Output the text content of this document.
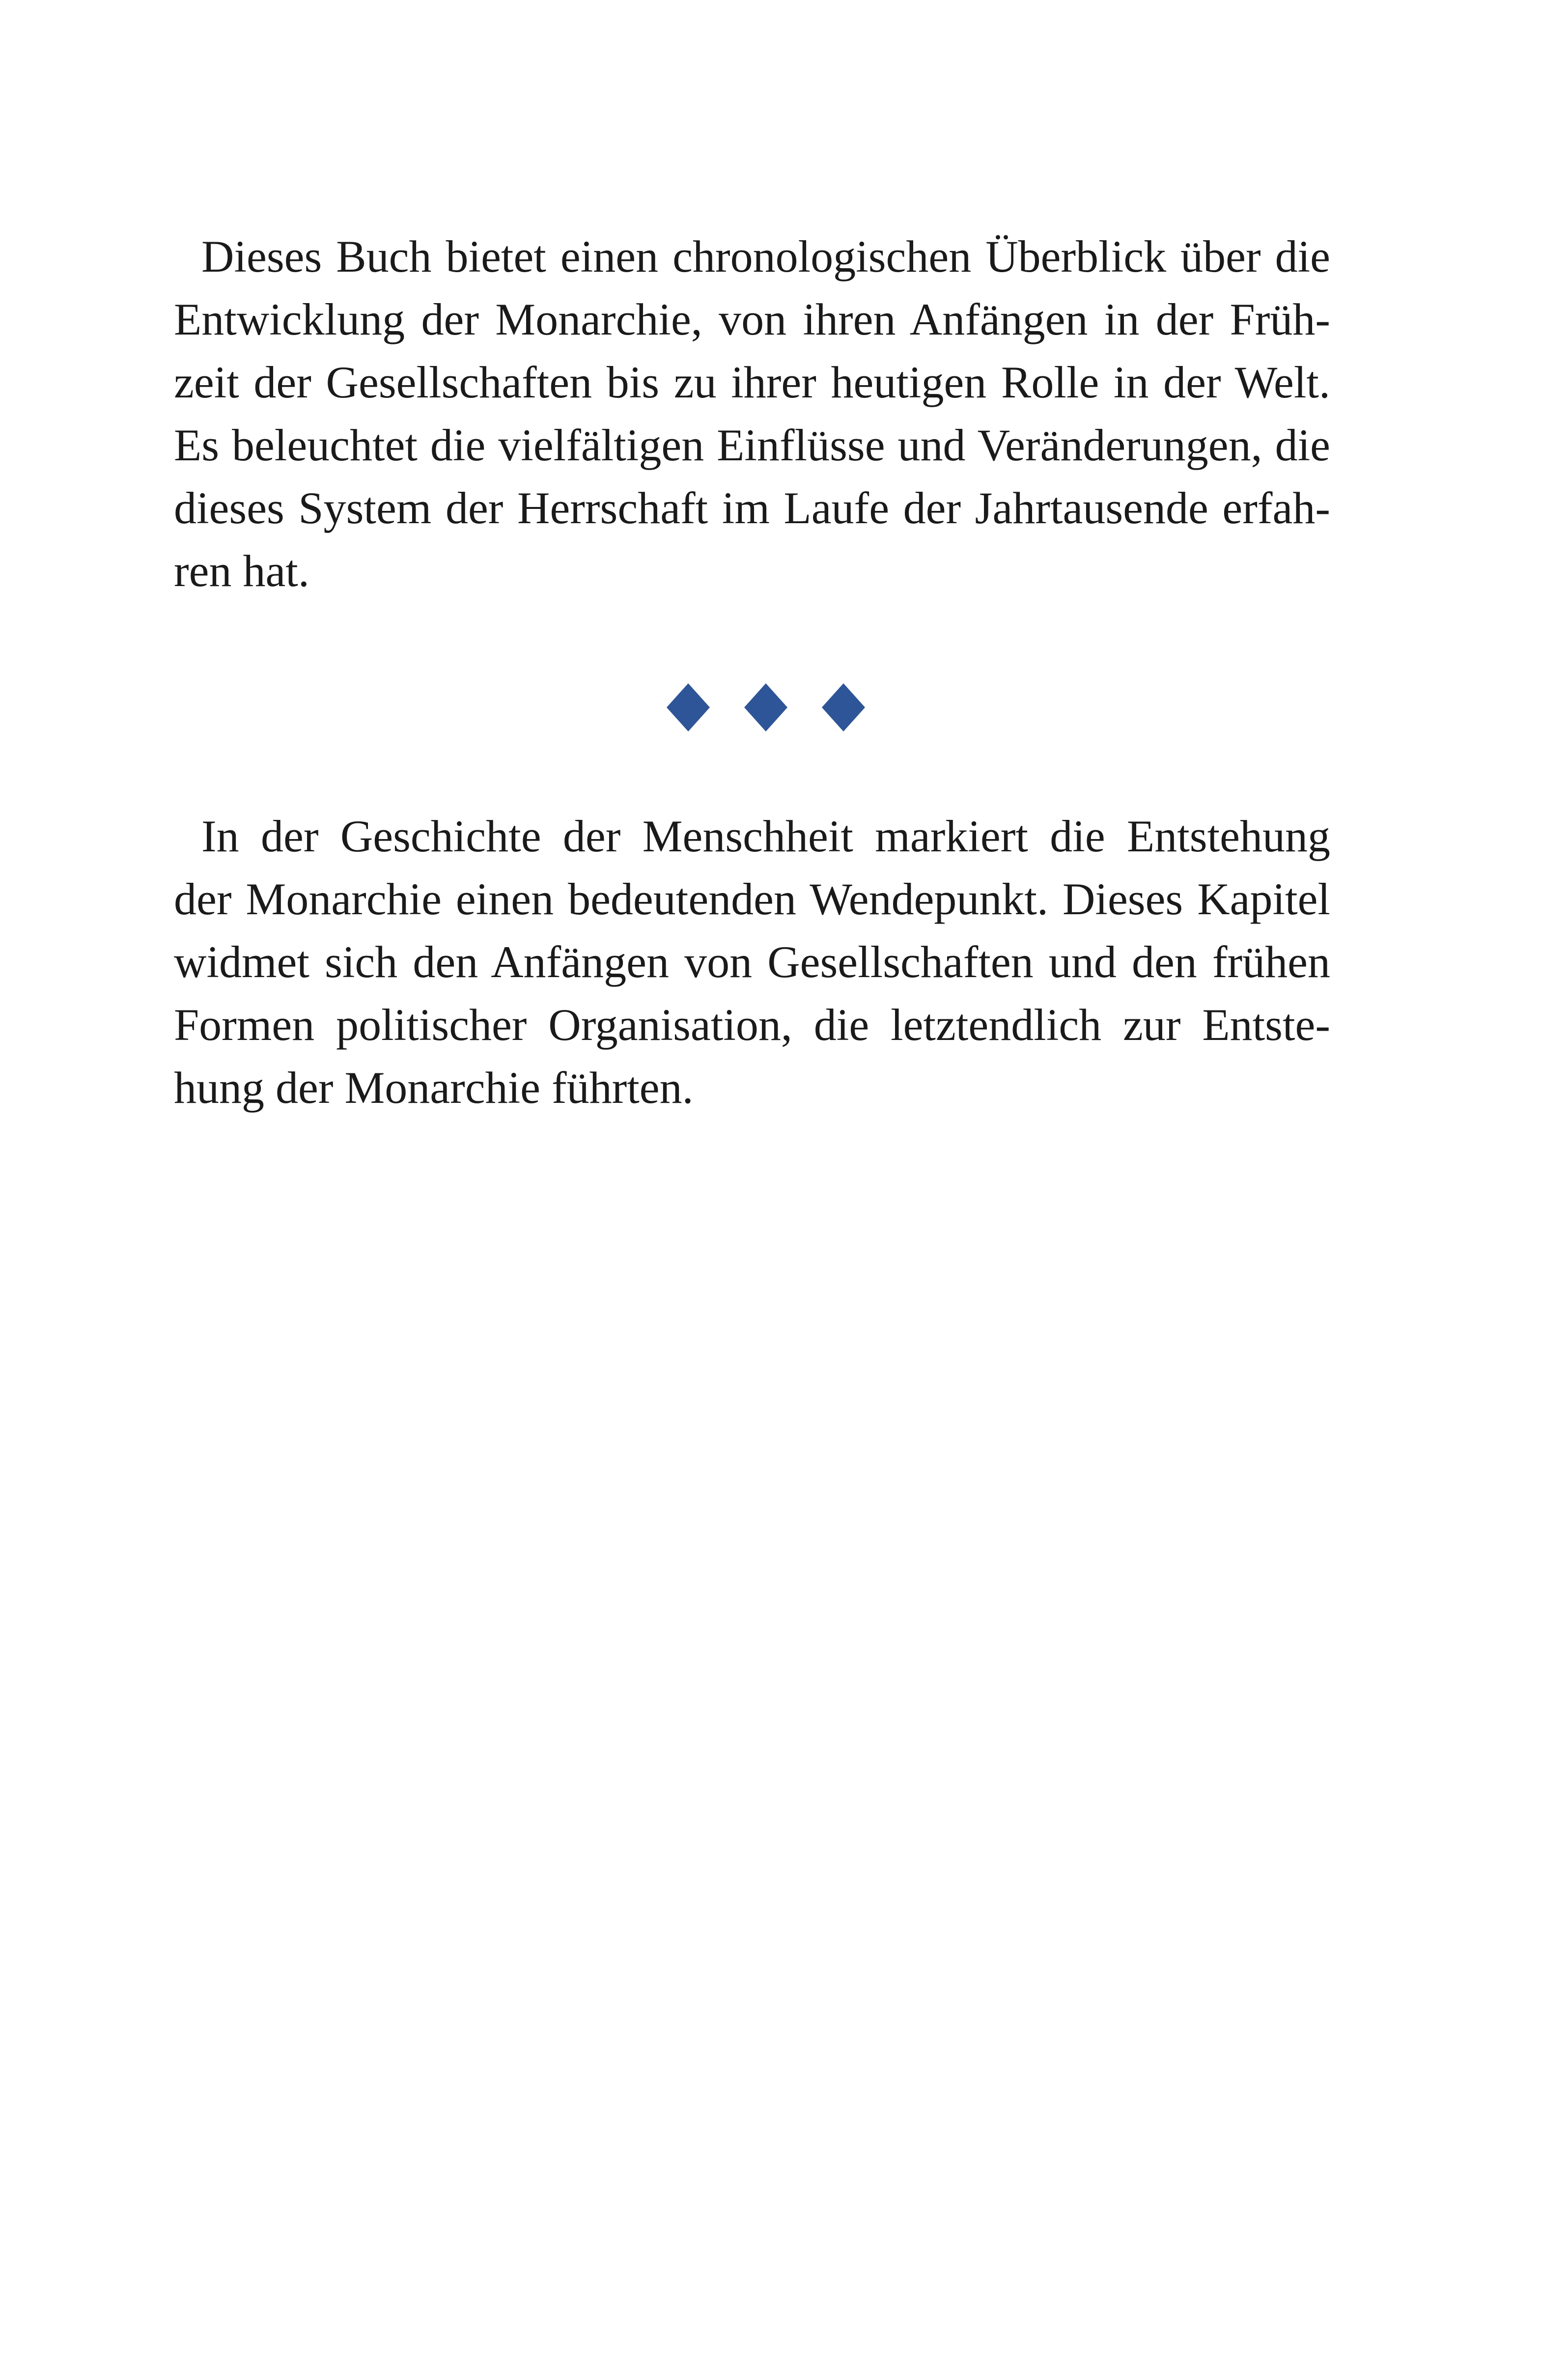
Dieses Buch bietet einen chronologischen Überblick über die
Entwicklung der Monarchie, von ihren Anfängen in der Früh-
zeit der Gesellschaften bis zu ihrer heutigen Rolle in der Welt.
Es beleuchtet die vielfältigen Einflüsse und Veränderungen, die
dieses System der Herrschaft im Laufe der Jahrtausende erfah-
ren hat.
In der Geschichte der Menschheit markiert die Entstehung
der Monarchie einen bedeutenden Wendepunkt. Dieses Kapitel
widmet sich den Anfängen von Gesellschaften und den frühen
Formen politischer Organisation, die letztendlich zur Entste-
hung der Monarchie führten.
